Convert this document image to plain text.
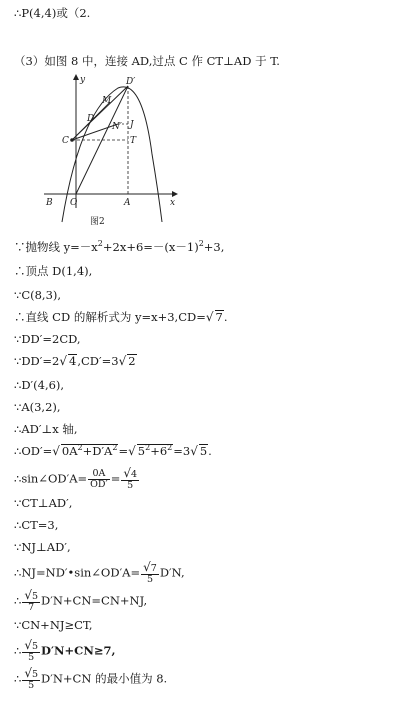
∴P(4,4)或（2.
（3）如图 8 中，连接 AD,过点 C 作 CT⊥AD 于 T.
y
x
D′
M
D
N′ J
C	T
B O	A
图2
∵抛物线 $y=-x^2+2x+6=-(x-1)^2+3$,
∴顶点 D(1,4),
∵C(8,3),
∴直线 CD 的解析式为 y=x+3,CD=√ 7.
∵DD′=2CD,
∵DD′=2√ 4,CD′=3√ 2
∴D′(4,6),
∵A(3,2),
∴AD′⊥x 轴,
∴OD′=√ $0A^2+D'A^2=√$ $5^2+6^2=3√$ 5.
∴sin∠OD′A= $\frac{0A}{OD'} = \frac{√4}{5}$
∵CT⊥AD′,
∴CT=3,
∵NJ⊥AD′,
∴NJ=ND′•sin∠OD′A= $\frac{√7}{5} D'N$,
∴ $\frac{√5}{7} D'N+CN=CN+NJ$,
∵CN+NJ≥CT,
∴ $\frac{√5}{5} D'N+CN\ge 7$,
∴ $\frac{√5}{5} D'N+CN$ 的最小值为 8.
